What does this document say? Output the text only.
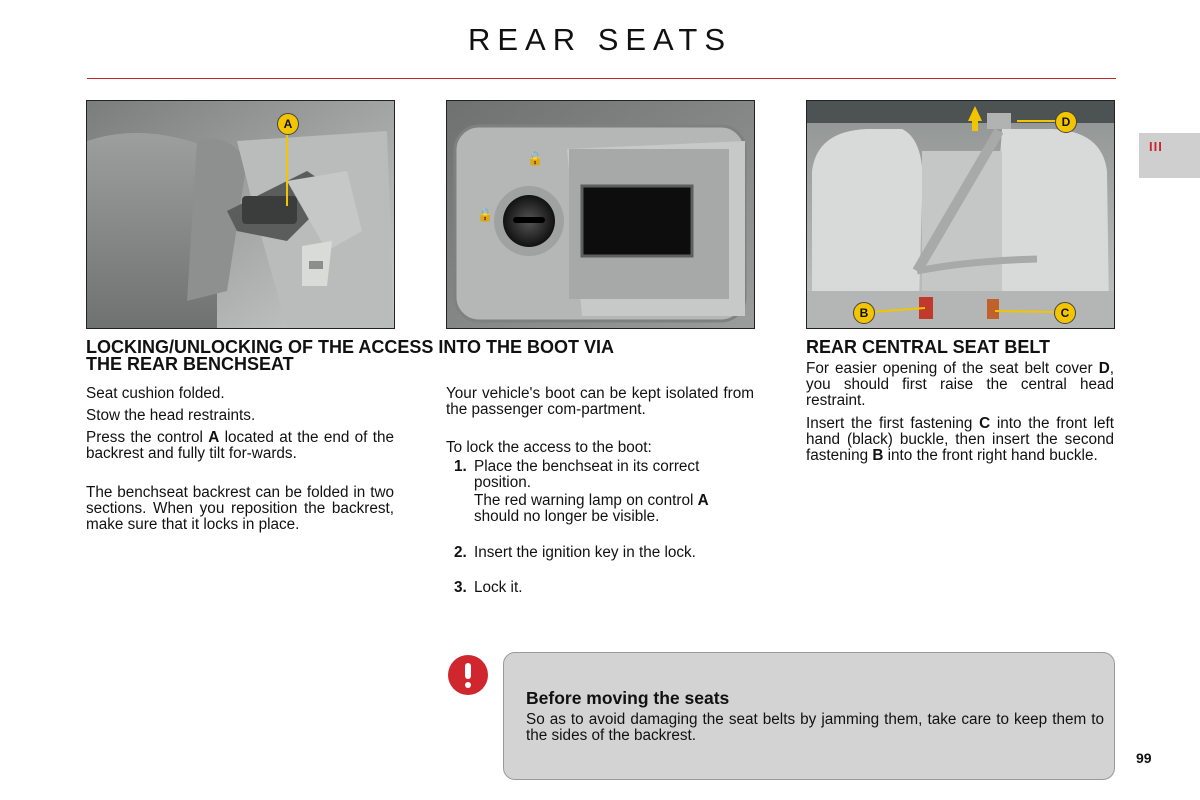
REAR SEATS
III
A
🔓
🔒
D
B	C
LOCKING/UNLOCKING OF THE ACCESS INTO THE BOOT VIA
THE REAR BENCHSEAT
REAR CENTRAL SEAT BELT

Seat cushion folded.

Stow the head restraints.

Press the control A located at the end of the backrest and fully tilt for-wards.

The benchseat backrest can be folded in two sections. When you reposition the backrest, make sure that it locks in place.

Your vehicle's boot can be kept isolated from the passenger com-partment.

To lock the access to the boot:

1. Place the benchseat in its correct position.

The red warning lamp on control A should no longer be visible.

2. Insert the ignition key in the lock.
3. Lock it.

For easier opening of the seat belt cover D, you should first raise the central head restraint.

Insert the first fastening C into the front left hand (black) buckle, then insert the second fastening B into the front right hand buckle.

Before moving the seats

So as to avoid damaging the seat belts by jamming them, take care to keep them to the sides of the backrest.

99
